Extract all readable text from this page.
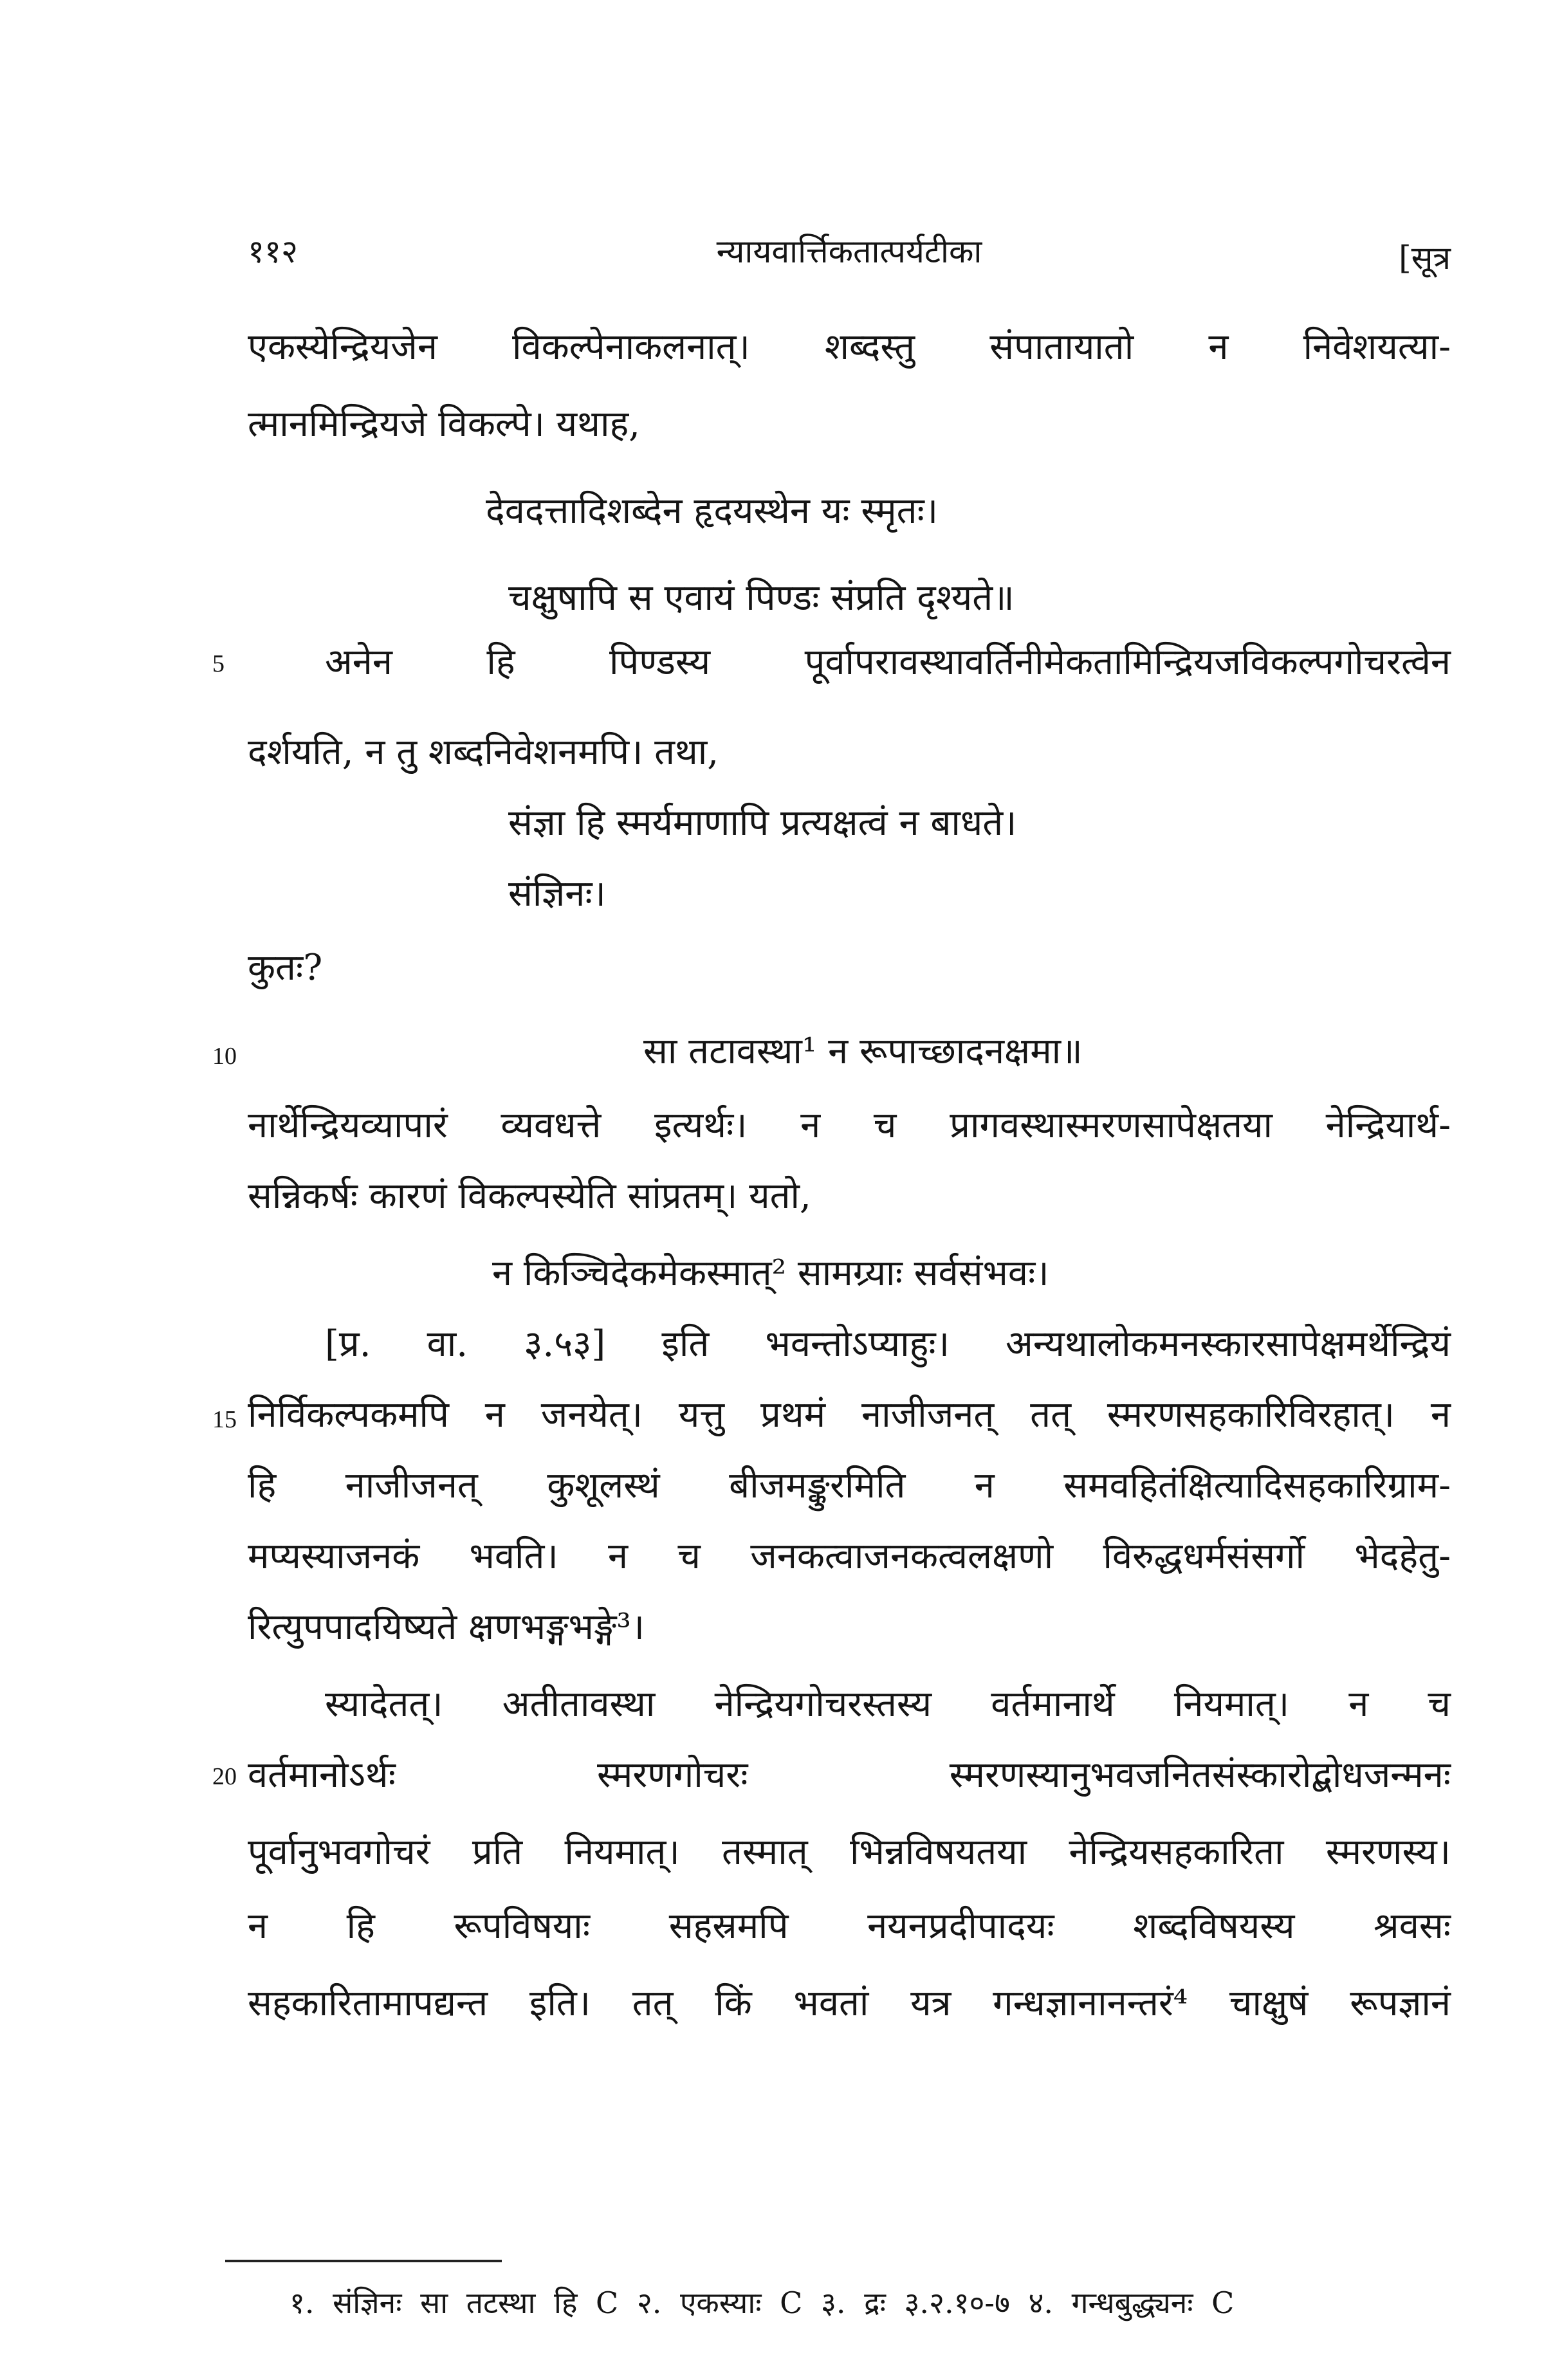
११२	न्यायवार्त्तिकतात्पर्यटीका	[सूत्र
एकस्येन्द्रियजेन विकल्पेनाकलनात्। शब्दस्तु संपातायातो न निवेशयत्या-
त्मानमिन्द्रियजे विकल्पे। यथाह,
देवदत्तादिशब्देन हृदयस्थेन यः स्मृतः।
चक्षुषापि स एवायं पिण्डः संप्रति दृश्यते॥
5	अनेन हि पिण्डस्य पूर्वापरावस्थावर्तिनीमेकतामिन्द्रियजविकल्पगोचरत्वेन
दर्शयति, न तु शब्दनिवेशनमपि। तथा,
संज्ञा हि स्मर्यमाणापि प्रत्यक्षत्वं न बाधते।
संज्ञिनः।
कुतः?
10	सा तटावस्था¹ न रूपाच्छादनक्षमा॥
नार्थेन्द्रियव्यापारं व्यवधत्ते इत्यर्थः। न च प्रागवस्थास्मरणसापेक्षतया नेन्द्रियार्थ-
सन्निकर्षः कारणं विकल्पस्येति सांप्रतम्। यतो,
न किञ्चिदेकमेकस्मात्² सामग्र्याः सर्वसंभवः।
[प्र. वा. ३.५३] इति भवन्तोऽप्याहुः। अन्यथालोकमनस्कारसापेक्षमर्थेन्द्रियं
15 निर्विकल्पकमपि न जनयेत्। यत्तु प्रथमं नाजीजनत् तत् स्मरणसहकारिविरहात्। न
हि नाजीजनत् कुशूलस्थं बीजमङ्कुरमिति न समवहितंक्षित्यादिसहकारिग्राम-
मप्यस्याजनकं भवति। न च जनकत्वाजनकत्वलक्षणो विरुद्धधर्मसंसर्गो भेदहेतु-
रित्युपपादयिष्यते क्षणभङ्गभङ्गे³।
स्यादेतत्। अतीतावस्था नेन्द्रियगोचरस्तस्य वर्तमानार्थे नियमात्। न च
20 वर्तमानोऽर्थः स्मरणगोचरः स्मरणस्यानुभवजनितसंस्कारोद्बोधजन्मनः
पूर्वानुभवगोचरं प्रति नियमात्। तस्मात् भिन्नविषयतया नेन्द्रियसहकारिता स्मरणस्य।
न हि रूपविषयाः सहस्रमपि नयनप्रदीपादयः शब्दविषयस्य श्रवसः
सहकारितामापद्यन्त इति। तत् किं भवतां यत्र गन्धज्ञानानन्तरं⁴ चाक्षुषं रूपज्ञानं
१. संज्ञिनः सा तटस्था हि C २. एकस्याः C ३. द्रः ३.२.१०-७ ४. गन्धबुद्ध्यनः C
